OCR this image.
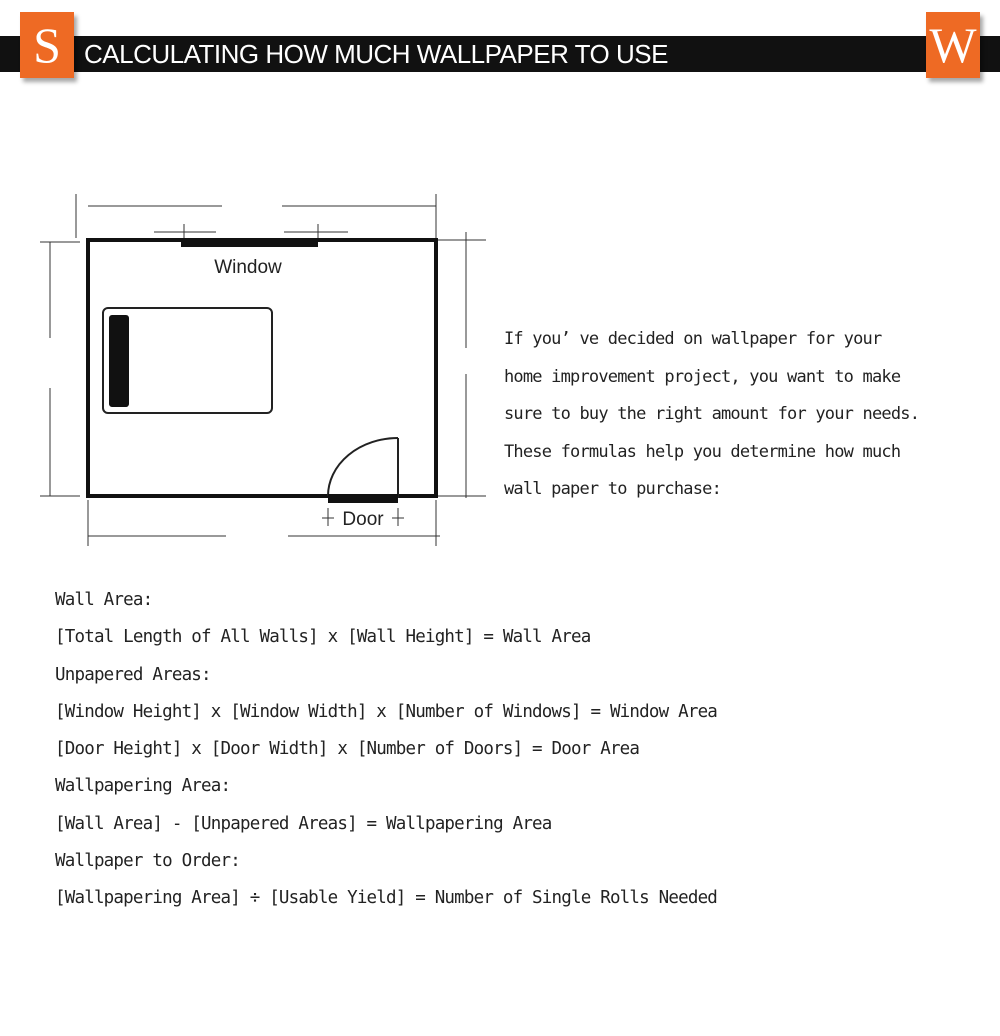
S CALCULATING HOW MUCH WALLPAPER TO USE	W
Window
Door

If you’ ve decided on wallpaper for your

home improvement project, you want to make

sure to buy the right amount for your needs.

These formulas help you determine how much

wall paper to purchase:

Wall Area:

[Total Length of All Walls] x [Wall Height] = Wall Area

Unpapered Areas:

[Window Height] x [Window Width] x [Number of Windows] = Window Area

[Door Height] x [Door Width] x [Number of Doors] = Door Area

Wallpapering Area:

[Wall Area] - [Unpapered Areas] = Wallpapering Area

Wallpaper to Order:

[Wallpapering Area] ÷ [Usable Yield] = Number of Single Rolls Needed
